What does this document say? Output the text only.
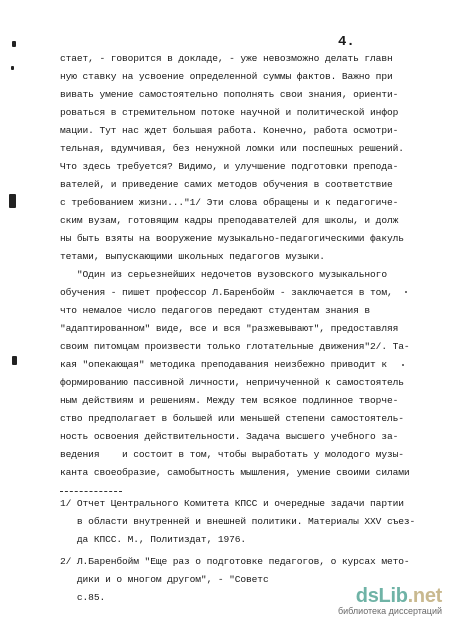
4.
стает, - говорится в докладе, - уже невозможно делать главн
ную ставку на усвоение определенной суммы фактов. Важно при
вивать умение самостоятельно пополнять свои знания, ориенти-
роваться в стремительном потоке научной и политической инфор
мации. Тут нас ждет большая работа. Конечно, работа осмотри-
тельная, вдумчивая, без ненужной ломки или поспешных решений.
Что здесь требуется? Видимо, и улучшение подготовки препода-
вателей, и приведение самих методов обучения в соответствие
с требованием жизни..."1/ Эти слова обращены и к педагогиче-
ским вузам, готовящим кадры преподавателей для школы, и долж
ны быть взяты на вооружение музыкально-педагогическими факуль
тетами, выпускающими школьных педагогов музыки.
"Один из серьезнейших недочетов вузовского музыкального
обучения - пишет профессор Л.Баренбойм - заключается в том,
что немалое число педагогов передают студентам знания в
"адаптированном" виде, все и вся "разжевывают", предоставляя
своим питомцам произвести только глотательные движения"2/. Та-
кая "опекающая" методика преподавания неизбежно приводит к
формированию пассивной личности, непричученной к самостоятель
ным действиям и решениям. Между тем всякое подлинное творче-
ство предполагает в большей или меньшей степени самостоятель-
ность освоения действительности. Задача высшего учебного за-
ведения    и состоит в том, чтобы выработать у молодого музы-
канта своеобразие, самобытность мышления, умение своими силами
1/ Отчет Центрального Комитета КПСС и очередные задачи партии
в области внутренней и внешней политики. Материалы XXV съез-
да КПСС. М., Политиздат, 1976.
2/ Л.Баренбойм "Еще раз о подготовке педагогов, о курсах мето-
дики и о многом другом", - "Советс
с.85.	dsLib .net
библиотека диссертаций
